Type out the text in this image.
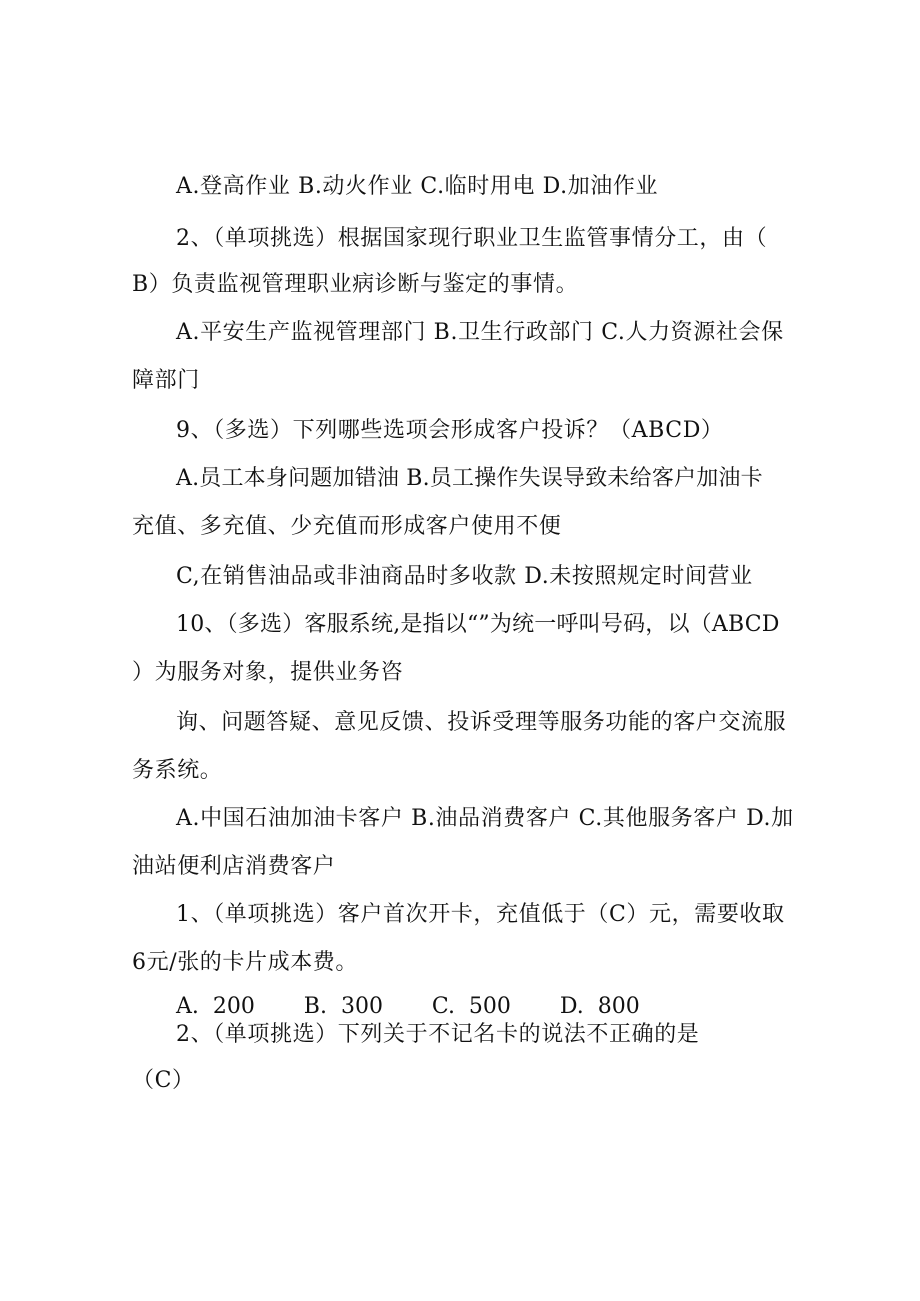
A.登高作业 B.动火作业 C.临时用电 D.加油作业
2、（单项挑选）根据国家现行职业卫生监管事情分工，由（
B）负责监视管理职业病诊断与鉴定的事情。
A.平安生产监视管理部门 B.卫生行政部门 C.人力资源社会保
障部门
9、（多选）下列哪些选项会形成客户投诉？（ABCD）
A.员工本身问题加错油 B.员工操作失误导致未给客户加油卡
充值、多充值、少充值而形成客户使用不便
C,在销售油品或非油商品时多收款 D.未按照规定时间营业
10、（多选）客服系统,是指以“”为统一呼叫号码，以（ABCD
）为服务对象，提供业务咨
询、问题答疑、意见反馈、投诉受理等服务功能的客户交流服
务系统。
A.中国石油加油卡客户 B.油品消费客户 C.其他服务客户 D.加
油站便利店消费客户
1、（单项挑选）客户首次开卡，充值低于（C）元，需要收取
6元/张的卡片成本费。
A.  200       B.  300       C.  500       D.  800
2、（单项挑选）下列关于不记名卡的说法不正确的是
（C）
